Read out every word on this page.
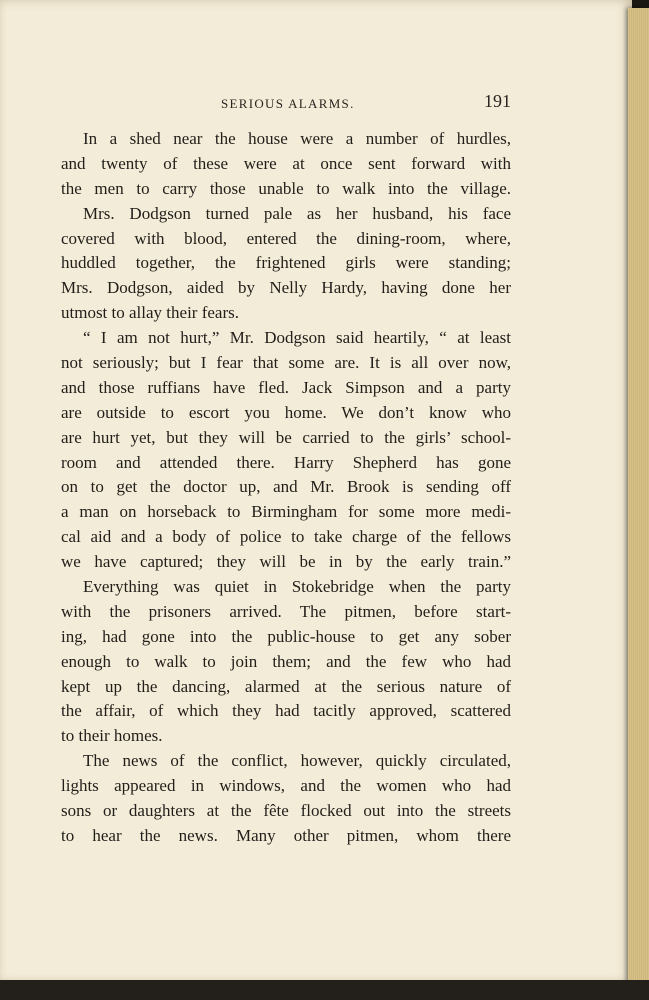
SERIOUS ALARMS.	191
In a shed near the house were a number of hurdles,
and twenty of these were at once sent forward with
the men to carry those unable to walk into the village.
Mrs. Dodgson turned pale as her husband, his face
covered with blood, entered the dining-room, where,
huddled together, the frightened girls were standing;
Mrs. Dodgson, aided by Nelly Hardy, having done her
utmost to allay their fears.
“ I am not hurt,” Mr. Dodgson said heartily, “ at least
not seriously; but I fear that some are. It is all over now,
and those ruffians have fled. Jack Simpson and a party
are outside to escort you home. We don’t know who
are hurt yet, but they will be carried to the girls’ school-
room and attended there. Harry Shepherd has gone
on to get the doctor up, and Mr. Brook is sending off
a man on horseback to Birmingham for some more medi-
cal aid and a body of police to take charge of the fellows
we have captured; they will be in by the early train.”
Everything was quiet in Stokebridge when the party
with the prisoners arrived. The pitmen, before start-
ing, had gone into the public-house to get any sober
enough to walk to join them; and the few who had
kept up the dancing, alarmed at the serious nature of
the affair, of which they had tacitly approved, scattered
to their homes.
The news of the conflict, however, quickly circulated,
lights appeared in windows, and the women who had
sons or daughters at the fête flocked out into the streets
to hear the news. Many other pitmen, whom there
